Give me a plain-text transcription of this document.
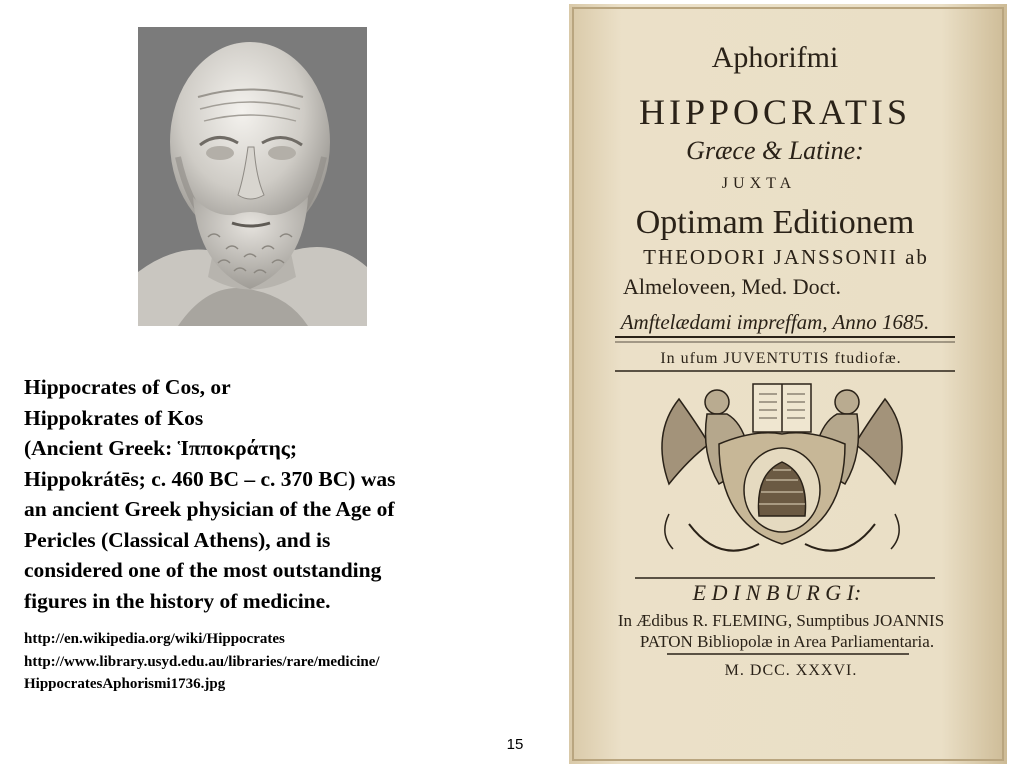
Hippocrates of Cos, or
Hippokrates of Kos
(Ancient Greek: Ἱπποκράτης;
Hippokrátēs; c. 460 BC – c. 370 BC) was
an ancient Greek physician of the Age of
Pericles (Classical Athens), and is
considered one of the most outstanding
figures in the history of medicine.
http://en.wikipedia.org/wiki/Hippocrates
http://www.library.usyd.edu.au/libraries/rare/medicine/
HippocratesAphorismi1736.jpg
15
Aphorifmi
HIPPOCRATIS
Græce & Latine:
JUXTA
Optimam Editionem
THEODORI JANSSONII ab
Almeloveen, Med. Doct.
Amftelædami impreffam, Anno 1685.
In ufum JUVENTUTIS ftudiofæ.
E D I N B U R G I:
In Ædibus R. FLEMING, Sumptibus JOANNIS
PATON Bibliopolæ in Area Parliamentaria.
M. DCC. XXXVI.
